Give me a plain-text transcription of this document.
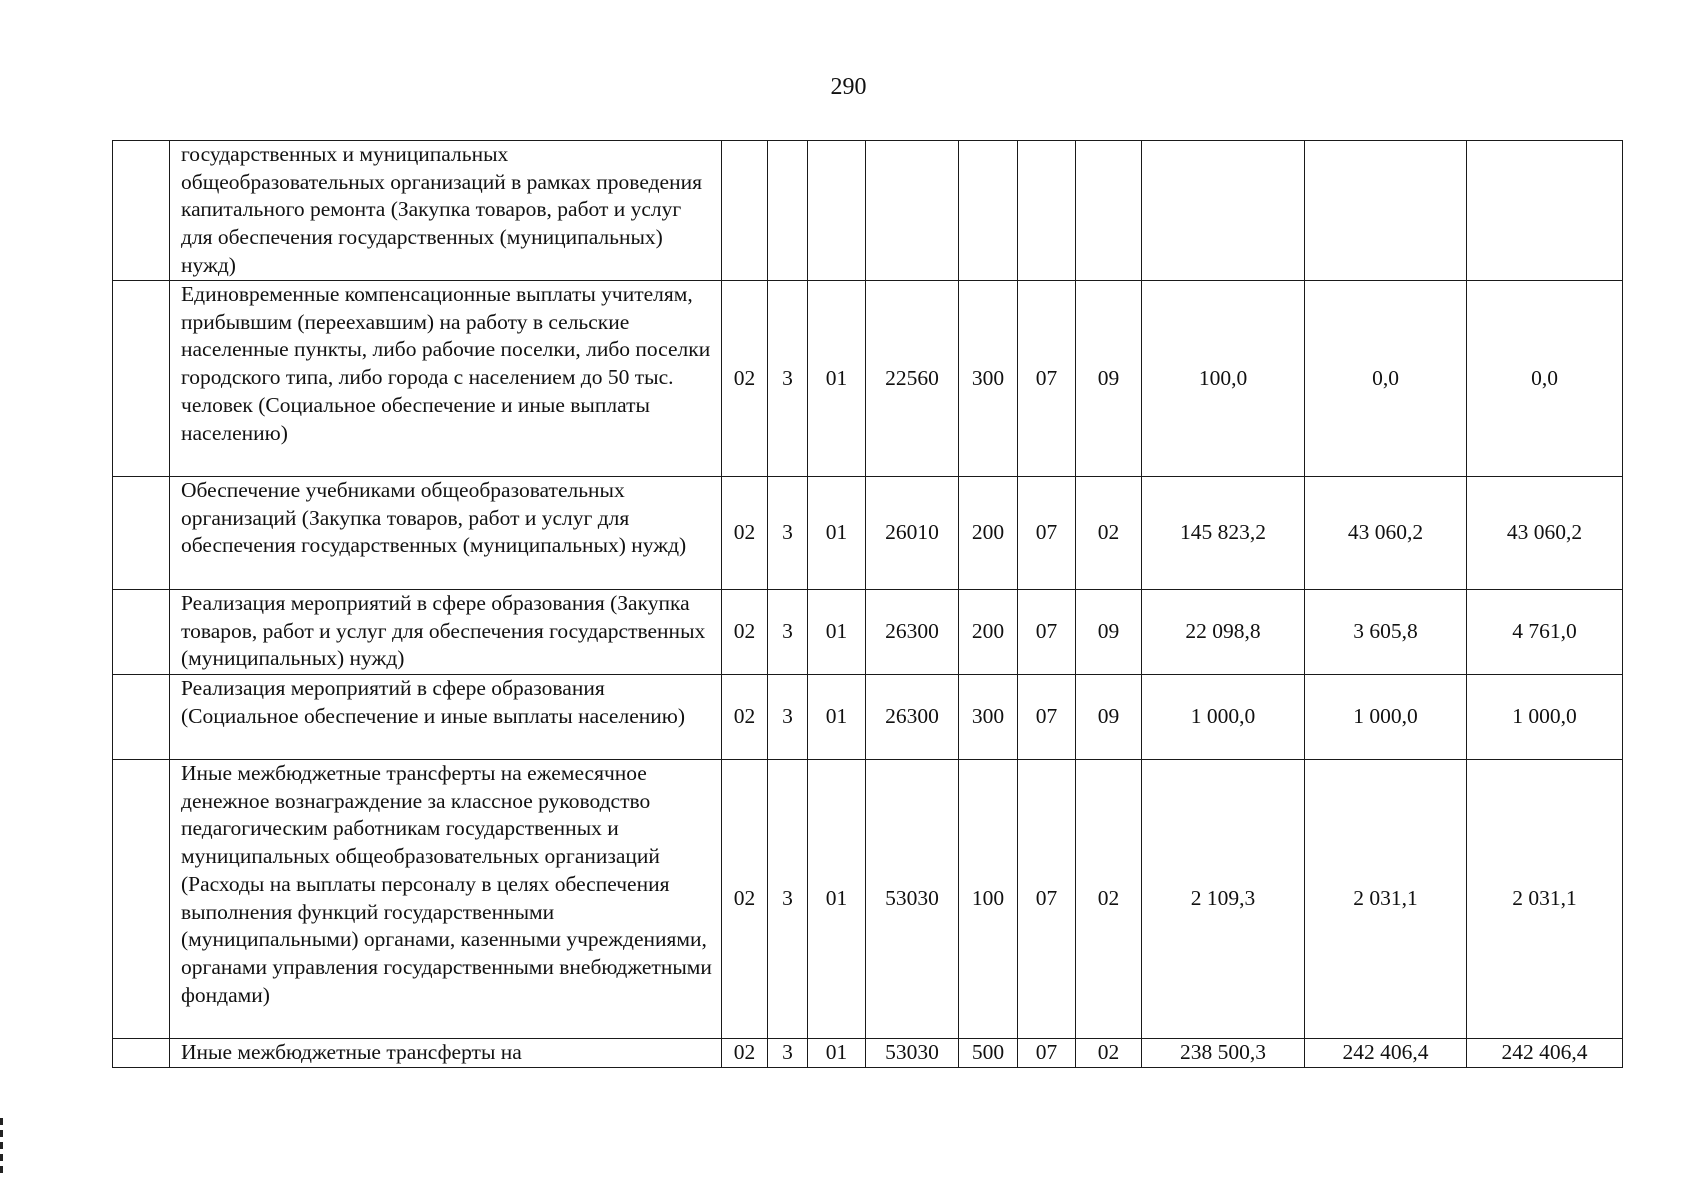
290
	государственных и муниципальных общеобразовательных организаций в рамках проведения капитального ремонта (Закупка товаров, работ и услуг для обеспечения государственных (муниципальных) нужд)										
	Единовременные компенсационные выплаты учителям, прибывшим (переехавшим) на работу в сельские населенные пункты, либо рабочие поселки, либо поселки городского типа, либо города с населением до 50 тыс. человек (Социальное обеспечение и иные выплаты населению)	02	3	01	22560	300	07	09	100,0	0,0	0,0
	Обеспечение учебниками общеобразовательных организаций (Закупка товаров, работ и услуг для обеспечения государственных (муниципальных) нужд)	02	3	01	26010	200	07	02	145 823,2	43 060,2	43 060,2
	Реализация мероприятий в сфере образования (Закупка товаров, работ и услуг для обеспечения государственных (муниципальных) нужд)	02	3	01	26300	200	07	09	22 098,8	3 605,8	4 761,0
	Реализация мероприятий в сфере образования (Социальное обеспечение и иные выплаты населению)	02	3	01	26300	300	07	09	1 000,0	1 000,0	1 000,0
	Иные межбюджетные трансферты на ежемесячное денежное вознаграждение за классное руководство педагогическим работникам государственных и муниципальных общеобразовательных организаций (Расходы на выплаты персоналу в целях обеспечения выполнения функций государственными (муниципальными) органами, казенными учреждениями, органами управления государственными внебюджетными фондами)	02	3	01	53030	100	07	02	2 109,3	2 031,1	2 031,1
	Иные межбюджетные трансферты на	02	3	01	53030	500	07	02	238 500,3	242 406,4	242 406,4
